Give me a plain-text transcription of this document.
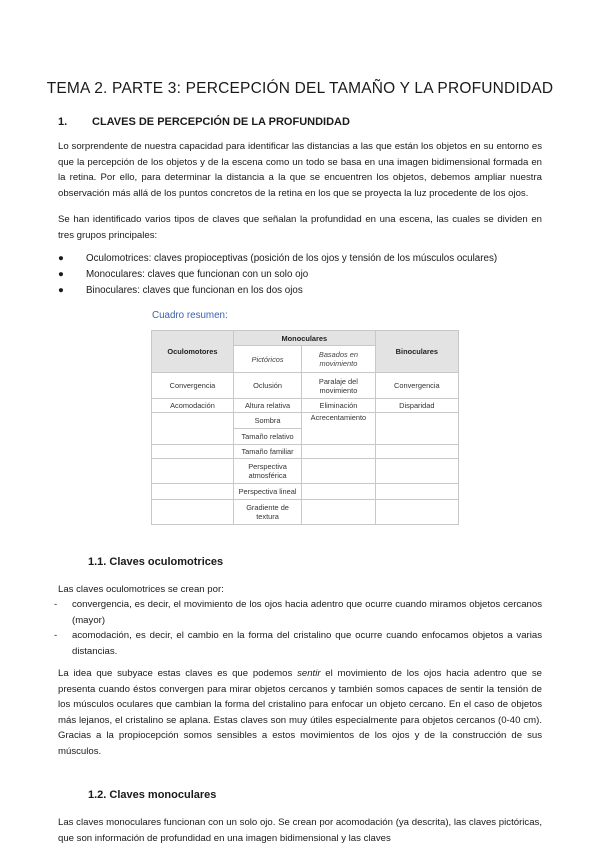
TEMA 2. PARTE 3: PERCEPCIÓN DEL TAMAÑO Y LA PROFUNDIDAD
1. CLAVES DE PERCEPCIÓN DE LA PROFUNDIDAD

Lo sorprendente de nuestra capacidad para identificar las distancias a las que están los objetos en su entorno es que la percepción de los objetos y de la escena como un todo se basa en una imagen bidimensional formada en la retina. Por ello, para determinar la distancia a la que se encuentren los objetos, debemos ampliar nuestra observación más allá de los puntos concretos de la retina en los que se proyecta la luz procedente de los ojos.

Se han identificado varios tipos de claves que señalan la profundidad en una escena, las cuales se dividen en tres grupos principales:

● Oculomotrices: claves propioceptivas (posición de los ojos y tensión de los músculos oculares)
● Monoculares: claves que funcionan con un solo ojo
● Binoculares: claves que funcionan en los dos ojos

Cuadro resumen:

Oculomotores	Monoculares		Binoculares
	Pictóricos	Basados en movimiento	
Convergencia	Oclusión	Paralaje del movimiento	Convergencia
Acomodación	Altura relativa	Eliminación	Disparidad
	Sombra	Acrecentamiento	
	Tamaño relativo		
	Tamaño familiar		
	Perspectiva atmosférica		
	Perspectiva lineal		
	Gradiente de textura		
1.1. Claves oculomotrices

Las claves oculomotrices se crean por:

- convergencia, es decir, el movimiento de los ojos hacia adentro que ocurre cuando miramos objetos cercanos (mayor)
- acomodación, es decir, el cambio en la forma del cristalino que ocurre cuando enfocamos objetos a varias distancias.

La idea que subyace estas claves es que podemos sentir el movimiento de los ojos hacia adentro que se presenta cuando éstos convergen para mirar objetos cercanos y también somos capaces de sentir la tensión de los músculos oculares que cambian la forma del cristalino para enfocar un objeto cercano. En el caso de objetos más lejanos, el cristalino se aplana. Estas claves son muy útiles especialmente para objetos cercanos (0-40 cm). Gracias a la propiocepción somos sensibles a estos movimientos de los ojos y de la construcción de sus músculos.

1.2. Claves monoculares

Las claves monoculares funcionan con un solo ojo. Se crean por acomodación (ya descrita), las claves pictóricas, que son información de profundidad en una imagen bidimensional y las claves
